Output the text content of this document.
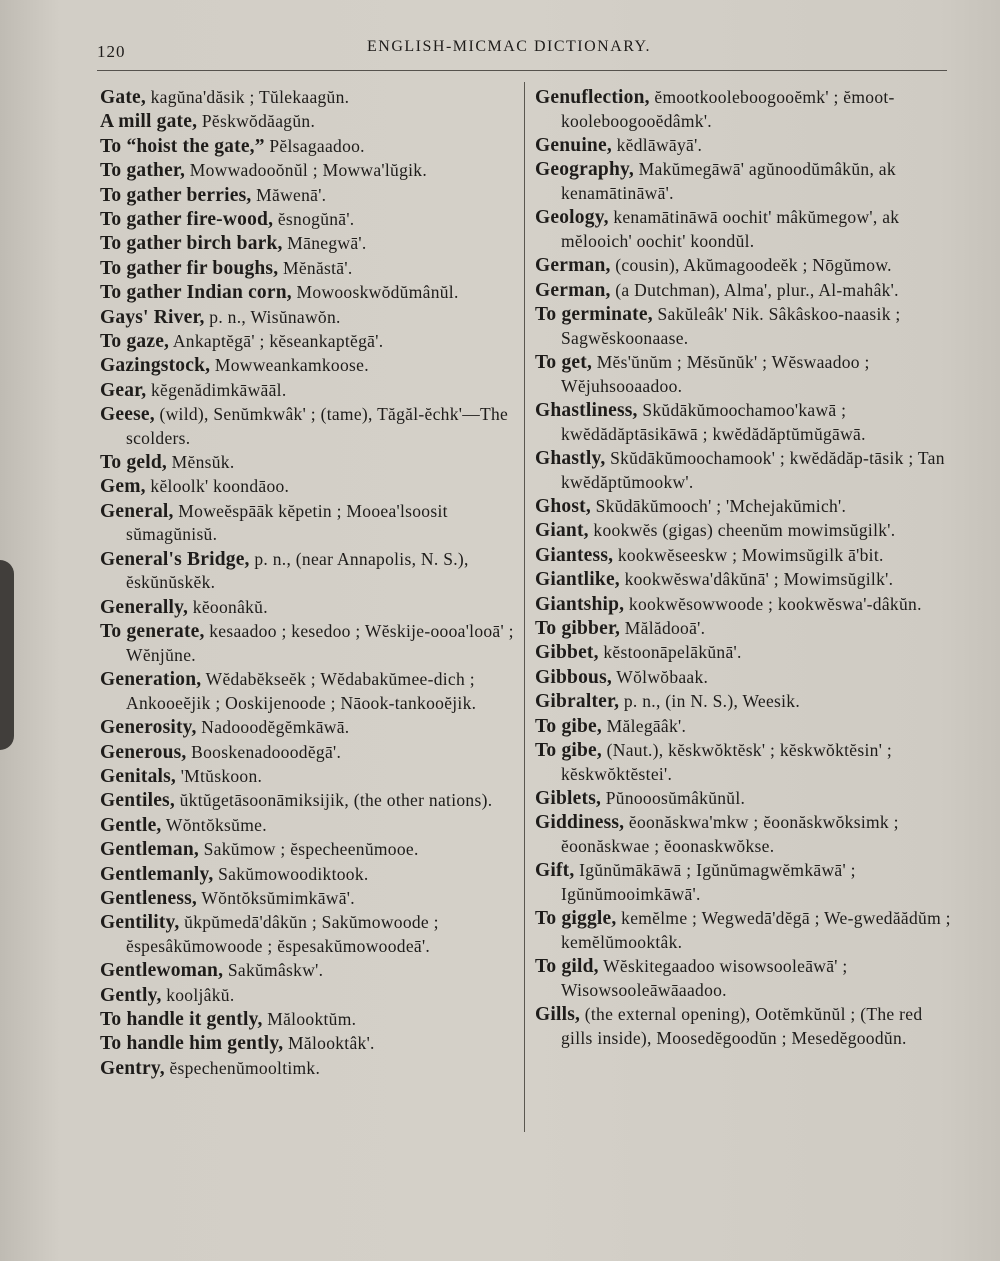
120	ENGLISH-MICMAC DICTIONARY.

Gate, kagŭna'dăsik ; Tŭlekaagŭn.

A mill gate, Pĕskwŏdăagŭn.

To “hoist the gate,” Pĕlsagaadoo.

To gather, Mowwadooŏnŭl ; Mowwa'lŭgik.

To gather berries, Măwenā'.

To gather fire-wood, ĕsnogŭnā'.

To gather birch bark, Mānegwā'.

To gather fir boughs, Mĕnăstā'.

To gather Indian corn, Mowooskwŏdŭmânŭl.

Gays' River, p. n., Wisŭnawŏn.

To gaze, Ankaptĕgā' ; kĕseankaptĕgā'.

Gazingstock, Mowweankamkoose.

Gear, kĕgenădimkāwāāl.

Geese, (wild), Senŭmkwâk' ; (tame), Tăgăl-ĕchk'—The scolders.

To geld, Mĕnsŭk.

Gem, kĕloolk' koondāoo.

General, Moweĕspāāk kĕpetin ; Mooea'lsoosit sŭmagŭnisŭ.

General's Bridge, p. n., (near Annapolis, N. S.), ĕskŭnŭskĕk.

Generally, kĕoonâkŭ.

To generate, kesaadoo ; kesedoo ; Wĕskije-oooa'looā' ; Wĕnjŭne.

Generation, Wĕdabĕkseĕk ; Wĕdabakŭmee-dich ; Ankooeĕjik ; Ooskijenoode ; Nāook-tankooĕjik.

Generosity, Nadooodĕgĕmkāwā.

Generous, Booskenadooodĕgā'.

Genitals, 'Mtŭskoon.

Gentiles, ŭktŭgetāsoonāmiksijik, (the other nations).

Gentle, Wŏntŏksŭme.

Gentleman, Sakŭmow ; ĕspecheenŭmooe.

Gentlemanly, Sakŭmowoodiktook.

Gentleness, Wŏntŏksŭmimkāwā'.

Gentility, ŭkpŭmedā'dâkŭn ; Sakŭmowoode ; ĕspesâkŭmowoode ; ĕspesakŭmowoodeā'.

Gentlewoman, Sakŭmâskw'.

Gently, kooljâkŭ.

To handle it gently, Mălooktŭm.

To handle him gently, Mălooktâk'.

Gentry, ĕspechenŭmooltimk.

Genuflection, ĕmootkooleboogooĕmk' ; ĕmoot-kooleboogooĕdâmk'.

Genuine, kĕdlāwāyā'.

Geography, Makŭmegāwā' agŭnoodŭmâkŭn, ak kenamātināwā'.

Geology, kenamātināwā oochit' mâkŭmegow', ak mĕlooich' oochit' koondŭl.

German, (cousin), Akŭmagoodeĕk ; Nōgŭmow.

German, (a Dutchman), Alma', plur., Al-mahâk'.

To germinate, Sakŭleâk' Nik. Sâkâskoo-naasik ; Sagwĕskoonaase.

To get, Mĕs'ŭnŭm ; Mĕsŭnŭk' ; Wĕswaadoo ; Wĕjuhsooaadoo.

Ghastliness, Skŭdākŭmoochamoo'kawā ; kwĕdădăptāsikāwā ; kwĕdădăptŭmŭgāwā.

Ghastly, Skŭdākŭmoochamook' ; kwĕdădăp-tāsik ; Tan kwĕdăptŭmookw'.

Ghost, Skŭdākŭmooch' ; 'Mchejakŭmich'.

Giant, kookwĕs (gigas) cheenŭm mowimsŭgilk'.

Giantess, kookwĕseeskw ; Mowimsŭgilk ā'bit.

Giantlike, kookwĕswa'dâkŭnā' ; Mowimsŭgilk'.

Giantship, kookwĕsowwoode ; kookwĕswa'-dâkŭn.

To gibber, Mălădooā'.

Gibbet, kĕstoonāpelākŭnā'.

Gibbous, Wŏlwŏbaak.

Gibralter, p. n., (in N. S.), Weesik.

To gibe, Mălegāâk'.

To gibe, (Naut.), kĕskwŏktĕsk' ; kĕskwŏktĕsin' ; kĕskwŏktĕstei'.

Giblets, Pŭnooosŭmâkŭnŭl.

Giddiness, ĕoonăskwa'mkw ; ĕoonăskwŏksimk ; ĕoonăskwae ; ĕoonaskwŏkse.

Gift, Igŭnŭmākāwā ; Igŭnŭmagwĕmkāwā' ; Igŭnŭmooimkāwā'.

To giggle, kemĕlme ; Wegwedā'dĕgā ; We-gwedăădŭm ; kemĕlŭmooktâk.

To gild, Wĕskitegaadoo wisowsooleāwā' ; Wisowsooleāwāaadoo.

Gills, (the external opening), Ootĕmkŭnŭl ; (The red gills inside), Moosedĕgoodŭn ; Mesedĕgoodŭn.
